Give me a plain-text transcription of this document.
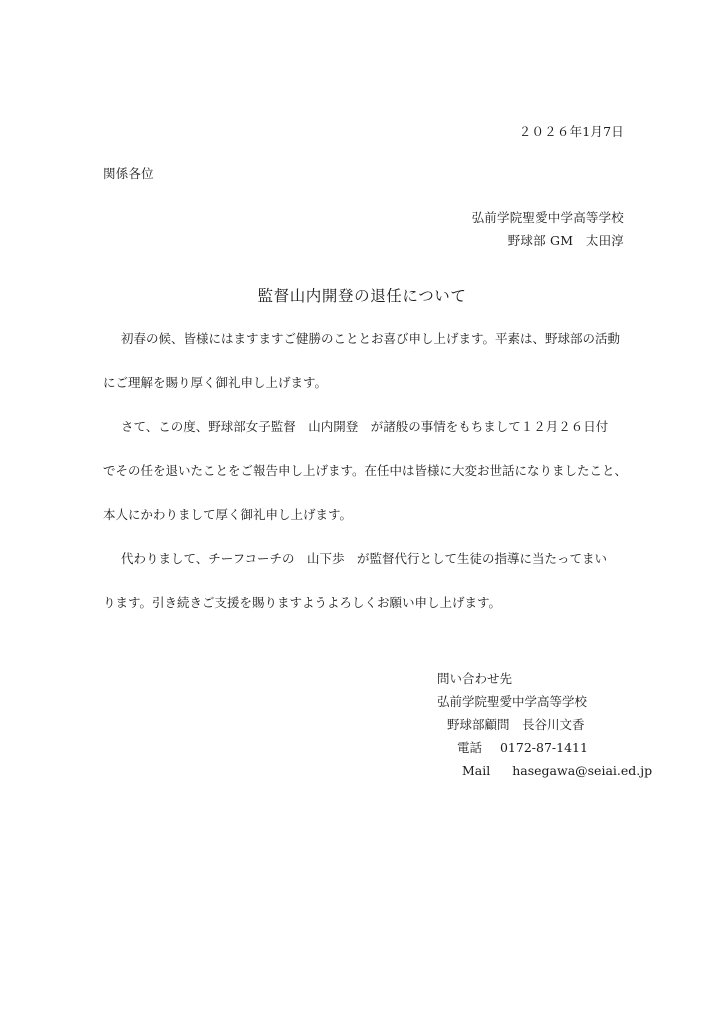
２０２６年1月7日
関係各位
弘前学院聖愛中学高等学校
野球部 GM　太田淳
監督山内開登の退任について
初春の候、皆様にはますますご健勝のこととお喜び申し上げます。平素は、野球部の活動
にご理解を賜り厚く御礼申し上げます。
さて、この度、野球部女子監督　山内開登　が諸般の事情をもちまして１２月２６日付
でその任を退いたことをご報告申し上げます。在任中は皆様に大変お世話になりましたこと、
本人にかわりまして厚く御礼申し上げます。
代わりまして、チーフコーチの　山下歩　が監督代行として生徒の指導に当たってまい
ります。引き続きご支援を賜りますようよろしくお願い申し上げます。
問い合わせ先
弘前学院聖愛中学高等学校
野球部顧問　長谷川文香
電話 0172-87-1411
Mail hasegawa@seiai.ed.jp
